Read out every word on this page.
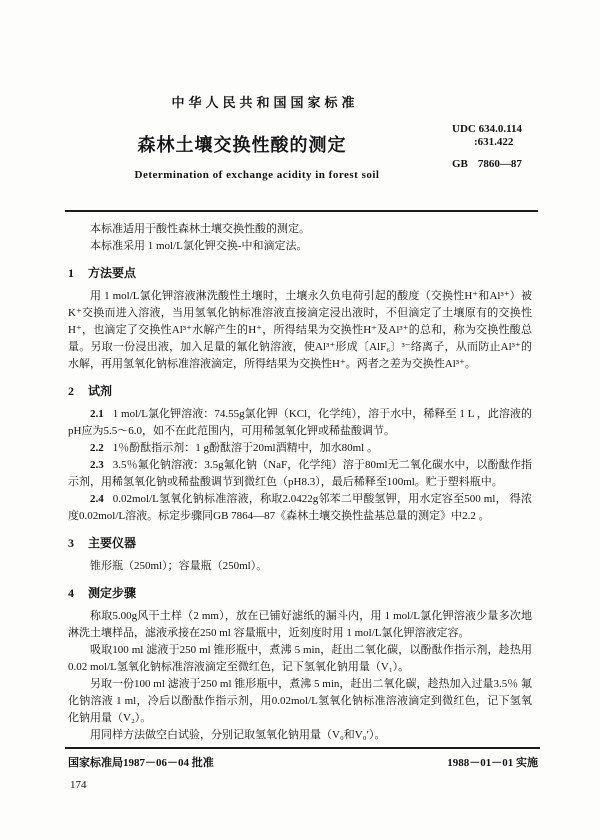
中华人民共和国国家标准
森林土壤交换性酸的测定
Determination of exchange acidity in forest soil
UDC 634.0.114
:631.422
GB 7860—87

本标准适用于酸性森林土壤交换性酸的测定。

本标准采用 1 mol/L氯化钾交换-中和滴定法。

1 方法要点

用 1 mol/L氯化钾溶液淋洗酸性土壤时，土壤永久负电荷引起的酸度（交换性H⁺和Al³⁺）被K⁺交换而进入溶液，当用氢氧化钠标准溶液直接滴定浸出液时，不但滴定了土壤原有的交换性H⁺，也滴定了交换性Al³⁺水解产生的H⁺，所得结果为交换性H⁺及Al³⁺的总和，称为交换性酸总量。另取一份浸出液，加入足量的氟化钠溶液，使Al³⁺形成〔AlF₆〕³⁻络离子，从而防止Al³⁺的水解，再用氢氧化钠标准溶液滴定，所得结果为交换性H⁺。两者之差为交换性Al³⁺。

2 试剂

2.1 1 mol/L氯化钾溶液：74.55g氯化钾（KCl，化学纯），溶于水中，稀释至 1 L ，此溶液的pH应为5.5～6.0，如不在此范围内，可用稀氢氧化钾或稀盐酸调节。

2.2 1％酚酞指示剂：1 g酚酞溶于20ml酒精中，加水80ml 。

2.3 3.5％氟化钠溶液：3.5g氟化钠（NaF，化学纯）溶于80ml无二氧化碳水中，以酚酞作指示剂，用稀氢氧化钠或稀盐酸调节到微红色（pH8.3），最后稀释至100ml。贮于塑料瓶中。

2.4 0.02mol/L氢氧化钠标准溶液，称取2.0422g邻苯二甲酸氢钾，用水定容至500 ml， 得浓度0.02mol/L溶液。标定步骤同GB 7864—87《森林土壤交换性盐基总量的测定》中2.2 。

3 主要仪器

锥形瓶（250ml）；容量瓶（250ml）。

4 测定步骤

称取5.00g风干土样（2 mm），放在已铺好滤纸的漏斗内，用 1 mol/L氯化钾溶液少量多次地淋洗土壤样品，滤液承接在250 ml 容量瓶中，近刻度时用 1 mol/L氯化钾溶液定容。

吸取100 ml 滤液于250 ml 锥形瓶中，煮沸 5 min，赶出二氧化碳，以酚酞作指示剂，趁热用0.02 mol/L氢氧化钠标准溶液滴定至微红色，记下氢氧化钠用量（V₁）。

另取一份100 ml 滤液于250 ml 锥形瓶中，煮沸 5 min，赶出二氧化碳，趁热加入过量3.5％ 氟化钠溶液 1 ml，冷后以酚酞作指示剂，用0.02mol/L氢氧化钠标准溶液滴定到微红色，记下氢氧化钠用量（V₂）。

用同样方法做空白试验，分别记取氢氧化钠用量（V₀和V₀′）。

国家标准局1987－06－04 批准	1988－01－01 实施
174
